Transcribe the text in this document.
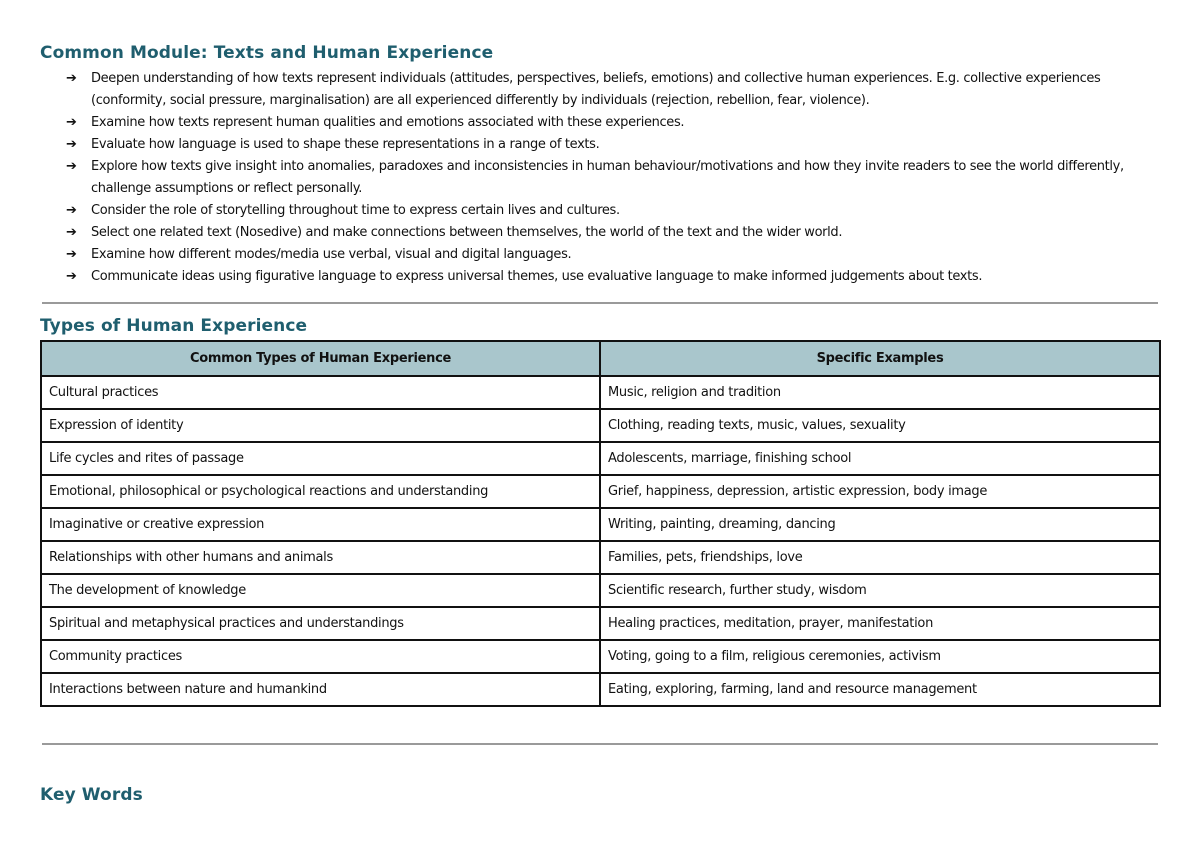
Common Module: Texts and Human Experience
➔ Deepen understanding of how texts represent individuals (attitudes, perspectives, beliefs, emotions) and collective human experiences. E.g. collective experiences (conformity, social pressure, marginalisation) are all experienced differently by individuals (rejection, rebellion, fear, violence).
➔ Examine how texts represent human qualities and emotions associated with these experiences.
➔ Evaluate how language is used to shape these representations in a range of texts.
➔ Explore how texts give insight into anomalies, paradoxes and inconsistencies in human behaviour/motivations and how they invite readers to see the world differently, challenge assumptions or reflect personally.
➔ Consider the role of storytelling throughout time to express certain lives and cultures.
➔ Select one related text (Nosedive) and make connections between themselves, the world of the text and the wider world.
➔ Examine how different modes/media use verbal, visual and digital languages.
➔ Communicate ideas using figurative language to express universal themes, use evaluative language to make informed judgements about texts.
Types of Human Experience
Common Types of Human Experience	Specific Examples
Cultural practices	Music, religion and tradition
Expression of identity	Clothing, reading texts, music, values, sexuality
Life cycles and rites of passage	Adolescents, marriage, finishing school
Emotional, philosophical or psychological reactions and understanding	Grief, happiness, depression, artistic expression, body image
Imaginative or creative expression	Writing, painting, dreaming, dancing
Relationships with other humans and animals	Families, pets, friendships, love
The development of knowledge	Scientific research, further study, wisdom
Spiritual and metaphysical practices and understandings	Healing practices, meditation, prayer, manifestation
Community practices	Voting, going to a film, religious ceremonies, activism
Interactions between nature and humankind	Eating, exploring, farming, land and resource management
Key Words
